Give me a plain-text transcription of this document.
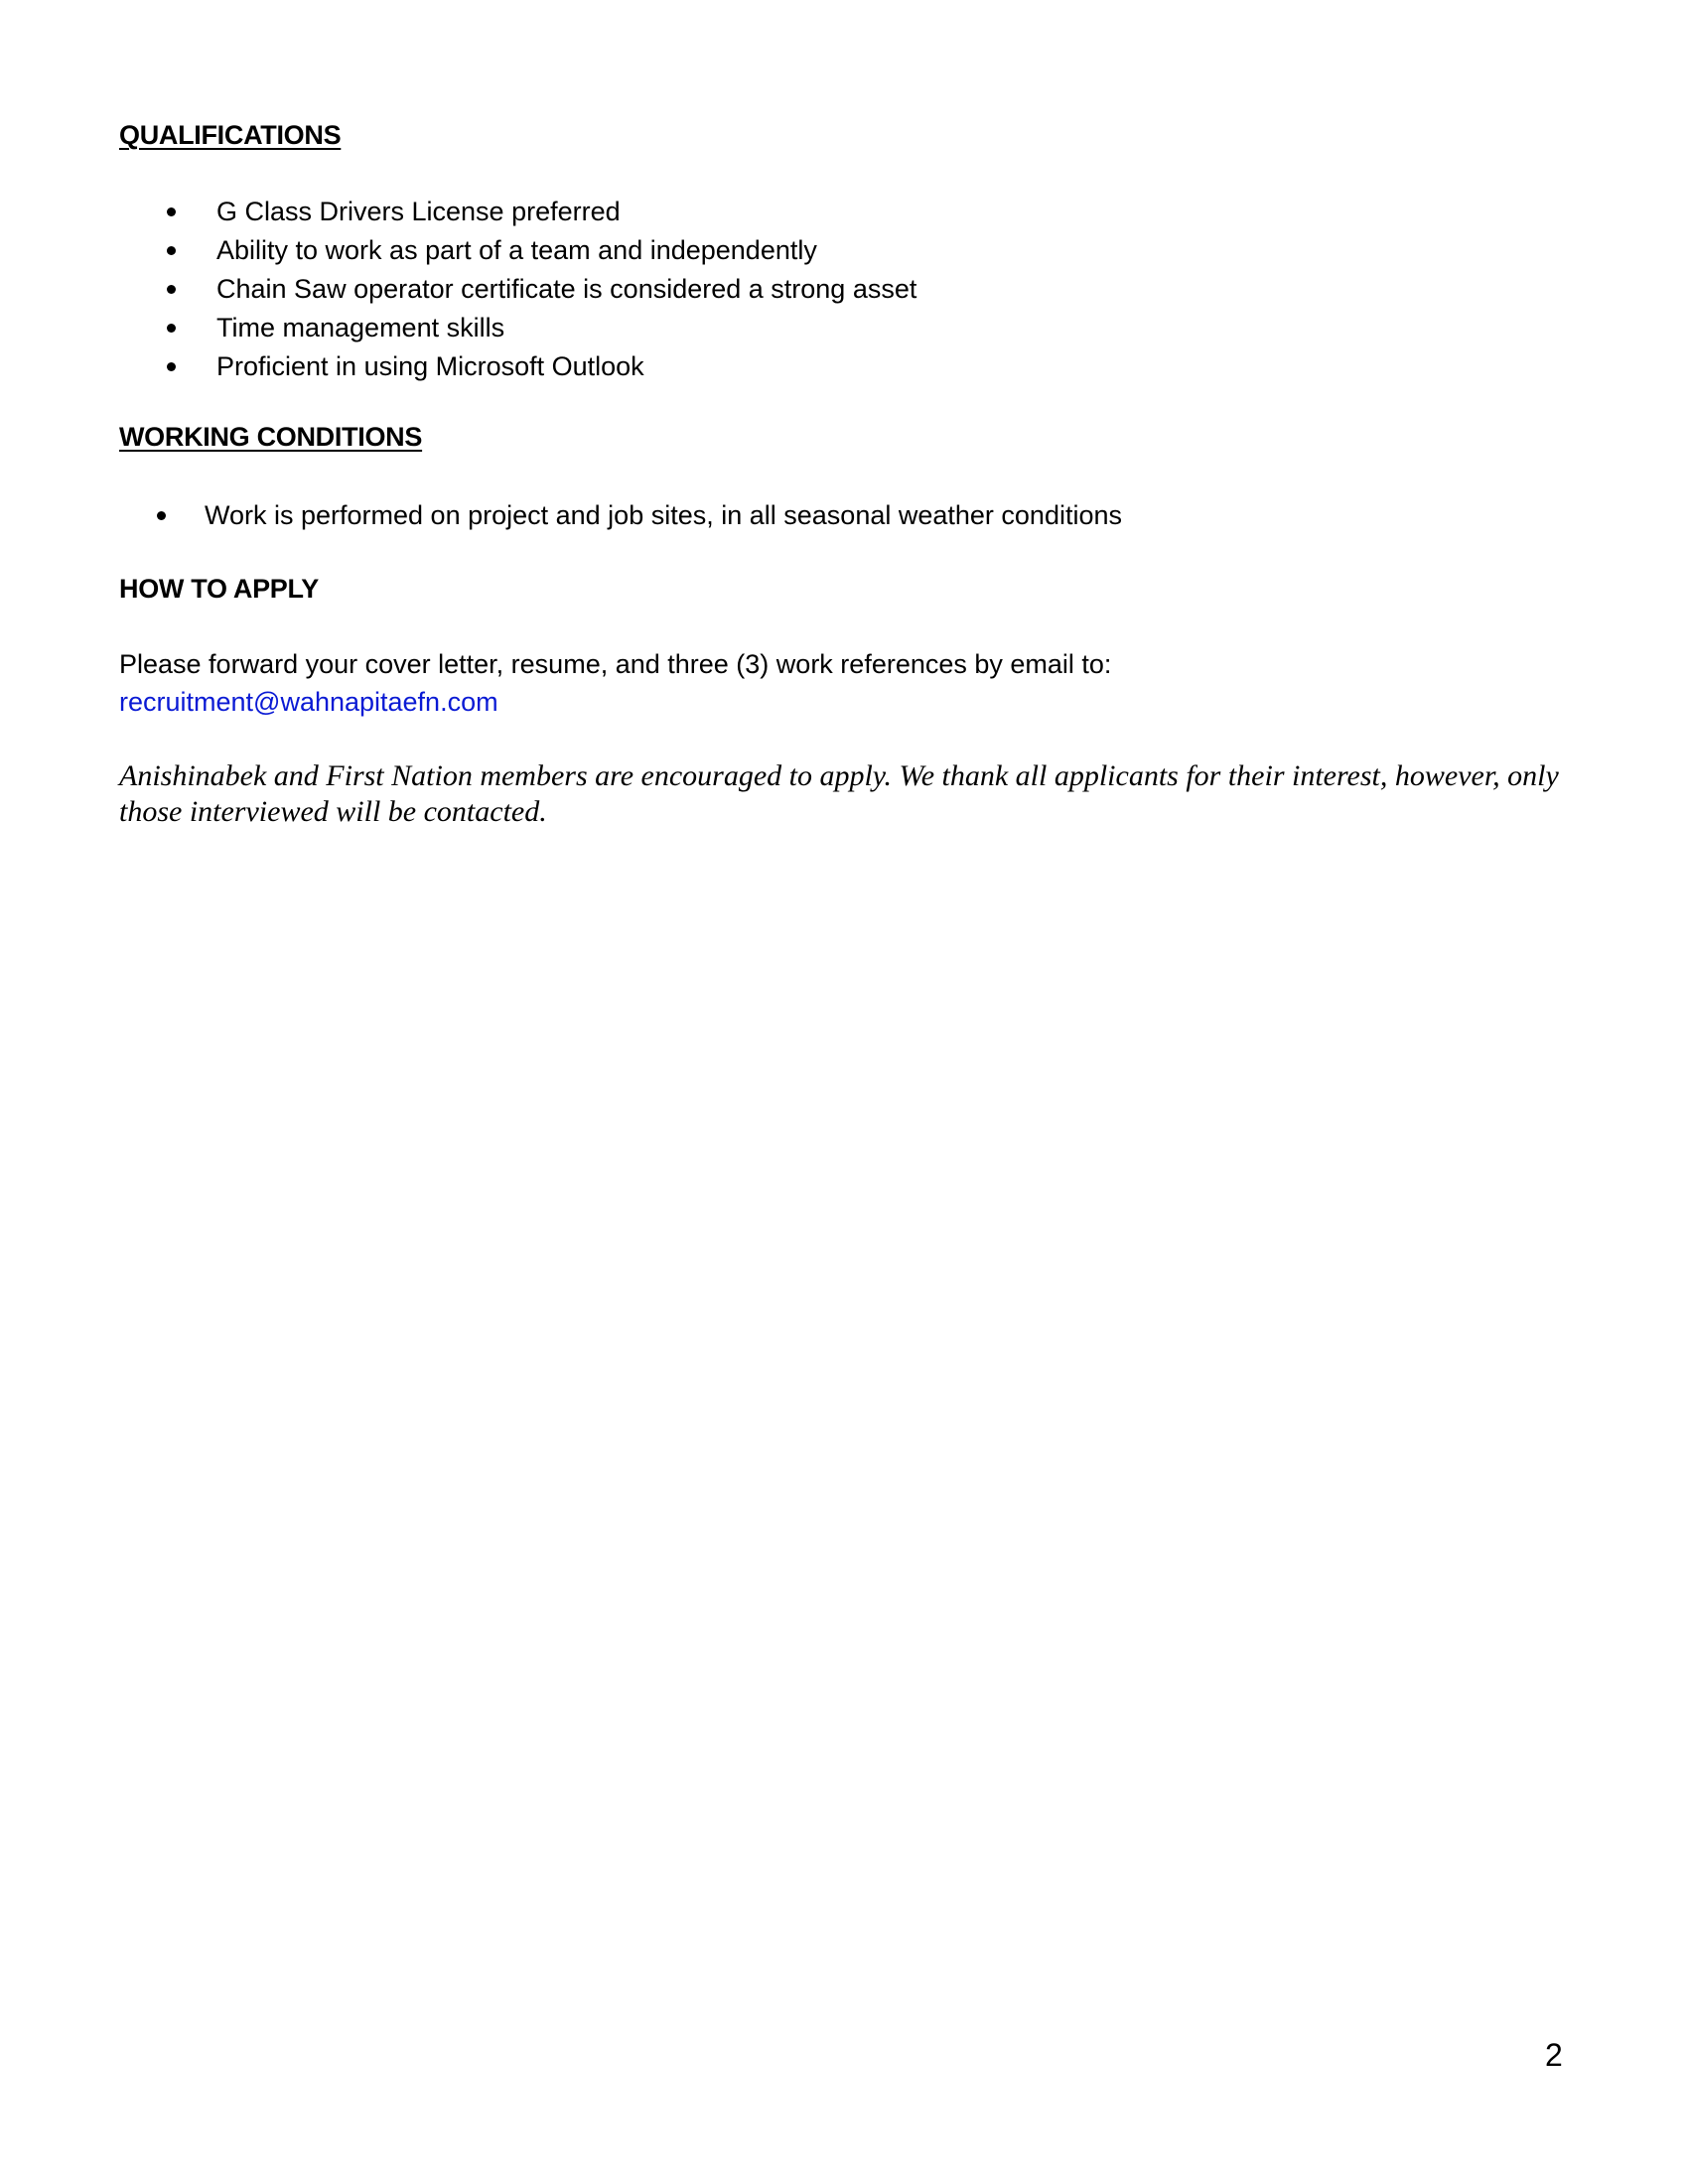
QUALIFICATIONS
G Class Drivers License preferred
Ability to work as part of a team and independently
Chain Saw operator certificate is considered a strong asset
Time management skills
Proficient in using Microsoft Outlook
WORKING CONDITIONS
Work is performed on project and job sites, in all seasonal weather conditions
HOW TO APPLY

Please forward your cover letter, resume, and three (3) work references by email to:

recruitment@wahnapitaefn.com

Anishinabek and First Nation members are encouraged to apply. We thank all applicants for their interest, however, only those interviewed will be contacted.

2
